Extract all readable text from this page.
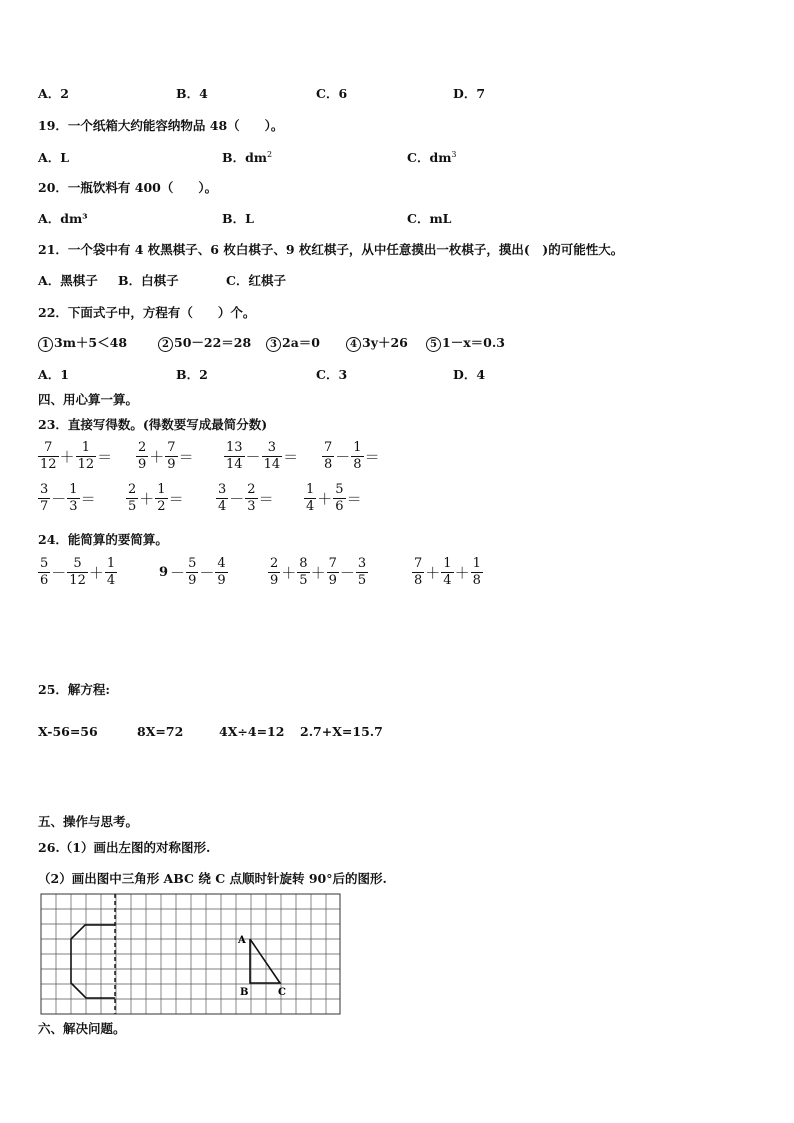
A．2	B．4	C．6	D．7
19．一个纸箱大约能容纳物品 48（　　）。
A．L	B．$dm^2$	C．$dm^3$
20．一瓶饮料有 400（　　）。
A．dm³	B．L	C．mL
21．一个袋中有 4 枚黑棋子、6 枚白棋子、9 枚红棋子，从中任意摸出一枚棋子，摸出(　)的可能性大。
A．黑棋子 B．白棋子	C．红棋子
22．下面式子中，方程有（　　）个。
1 3m＋5＜48	2 50－22＝28	3 2a＝0	4 3y＋26	5 1－x＝0.3
A．1	B．2	C．3	D．4
四、用心算一算。
23．直接写得数。(得数要写成最简分数)
$\frac{7}{12} + \frac{1}{12} = \frac{2}{9} + \frac{7}{9} = \frac{13}{14} - \frac{3}{14} = \frac{7}{8} - \frac{1}{8}$ ＝
$\frac{3}{7} - \frac{1}{3} = \frac{2}{5} + \frac{1}{2} = \frac{3}{4} - \frac{2}{3} = \frac{1}{4} + \frac{5}{6}$ ＝
24．能简算的要简算。
$\frac{5}{6} - \frac{5}{12} + \frac{1}{4}$	$9 - \frac{5}{9} - \frac{4}{9}$	$\frac{2}{9} + \frac{8}{5} + \frac{7}{9} - \frac{3}{5}$	$\frac{7}{8} + \frac{1}{4} + \frac{1}{8}$
25．解方程:
X-56=56	8X=72	4X÷4=12 2.7+X=15.7
五、操作与思考。
26.（1）画出左图的对称图形.
（2）画出图中三角形 ABC 绕 C 点顺时针旋转 90°后的图形.
A
B	C
六、解决问题。
